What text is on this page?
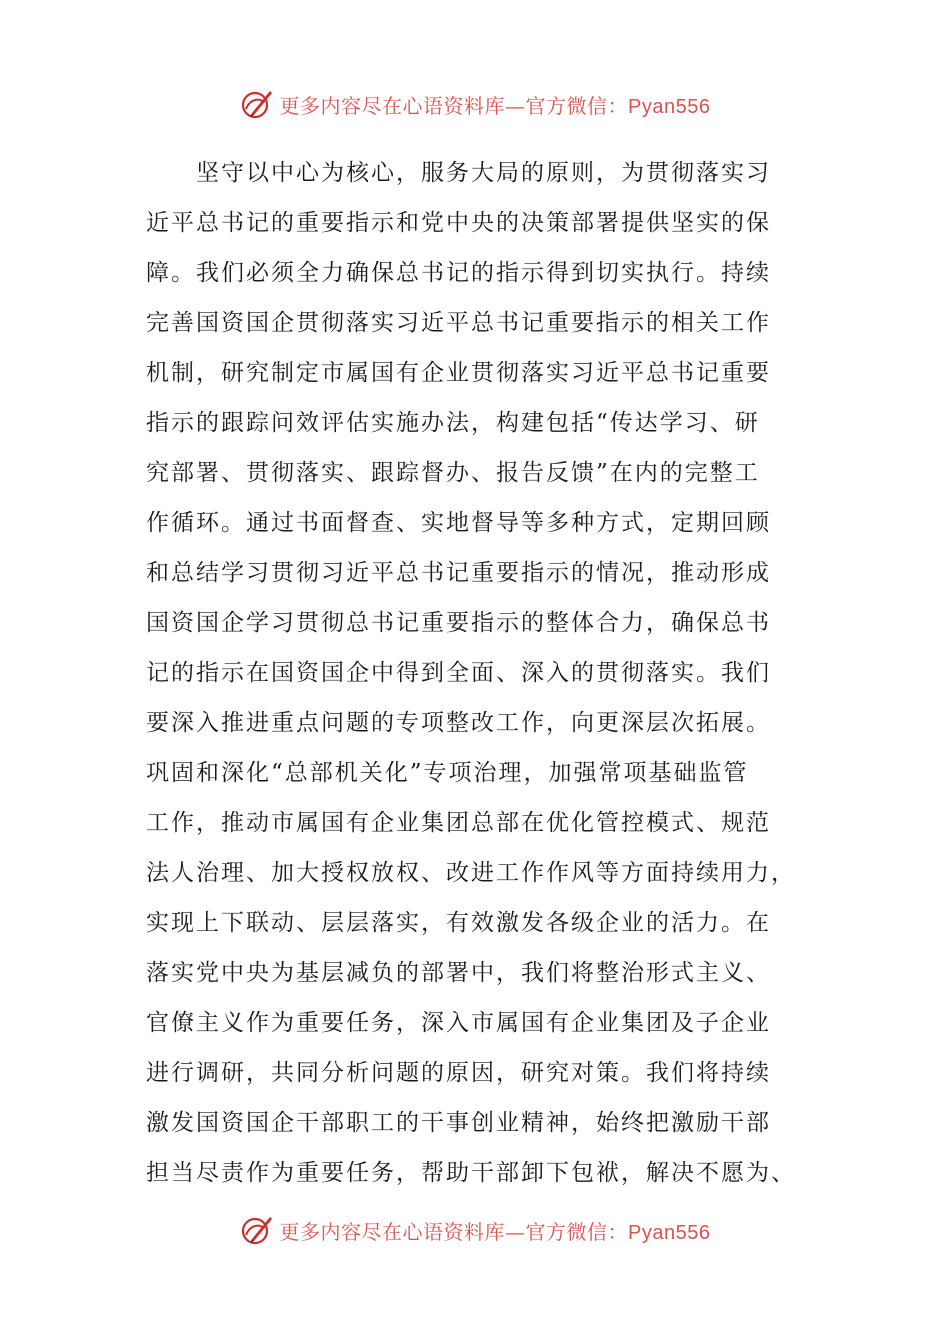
更多内容尽在心语资料库—官方微信：Pyan556
　　坚守以中心为核心，服务大局的原则，为贯彻落实习
近平总书记的重要指示和党中央的决策部署提供坚实的保
障。我们必须全力确保总书记的指示得到切实执行。持续
完善国资国企贯彻落实习近平总书记重要指示的相关工作
机制，研究制定市属国有企业贯彻落实习近平总书记重要
指示的跟踪问效评估实施办法，构建包括“传达学习、研
究部署、贯彻落实、跟踪督办、报告反馈”在内的完整工
作循环。通过书面督查、实地督导等多种方式，定期回顾
和总结学习贯彻习近平总书记重要指示的情况，推动形成
国资国企学习贯彻总书记重要指示的整体合力，确保总书
记的指示在国资国企中得到全面、深入的贯彻落实。我们
要深入推进重点问题的专项整改工作，向更深层次拓展。
巩固和深化“总部机关化”专项治理，加强常项基础监管
工作，推动市属国有企业集团总部在优化管控模式、规范
法人治理、加大授权放权、改进工作作风等方面持续用力，
实现上下联动、层层落实，有效激发各级企业的活力。在
落实党中央为基层减负的部署中，我们将整治形式主义、
官僚主义作为重要任务，深入市属国有企业集团及子企业
进行调研，共同分析问题的原因，研究对策。我们将持续
激发国资国企干部职工的干事创业精神，始终把激励干部
担当尽责作为重要任务，帮助干部卸下包袱，解决不愿为、
更多内容尽在心语资料库—官方微信：Pyan556
